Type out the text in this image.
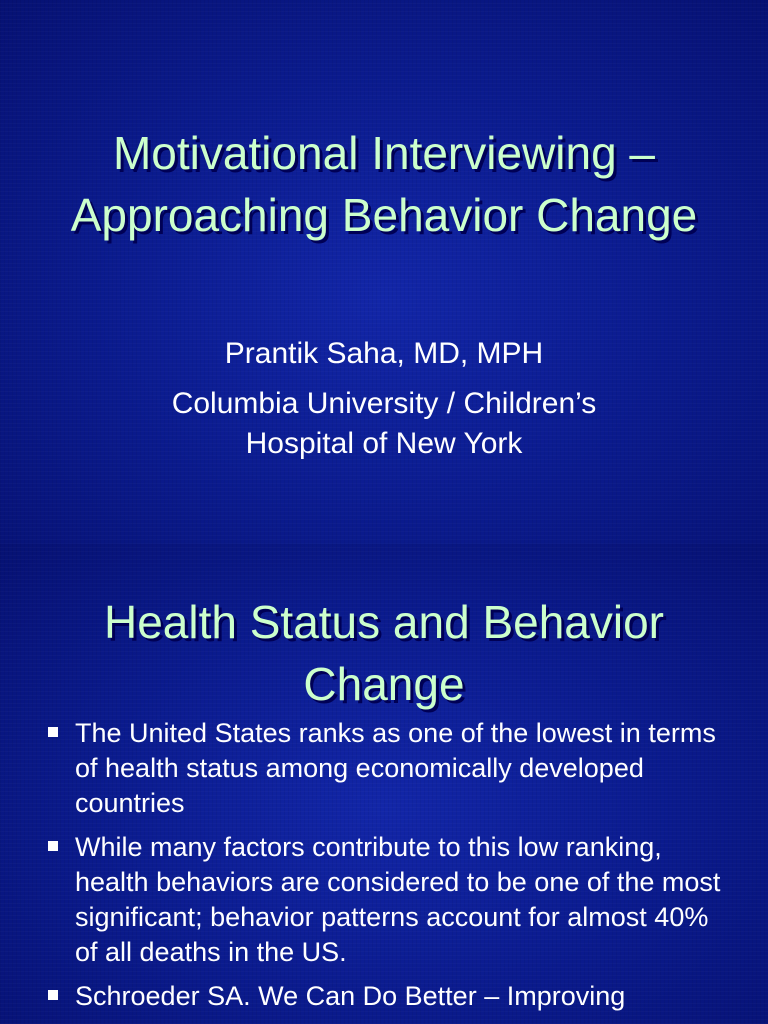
Motivational Interviewing – Approaching Behavior Change
Prantik Saha, MD, MPH
Columbia University / Children’s Hospital of New York
Health Status and Behavior Change
The United States ranks as one of the lowest in terms of health status among economically developed countries
While many factors contribute to this low ranking, health behaviors are considered to be one of the most significant; behavior patterns account for almost 40% of all deaths in the US.
Schroeder SA. We Can Do Better – Improving
